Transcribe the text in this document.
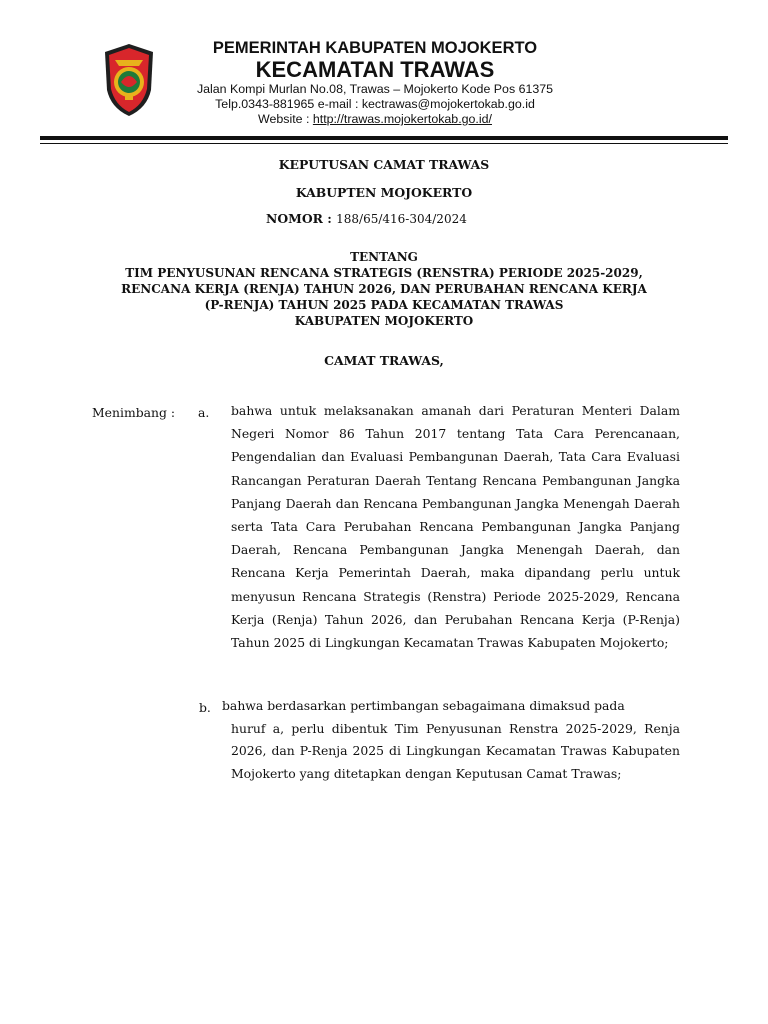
PEMERINTAH KABUPATEN MOJOKERTO
KECAMATAN TRAWAS
Jalan Kompi Murlan No.08, Trawas – Mojokerto Kode Pos 61375
Telp.0343-881965 e-mail : kectrawas@mojokertokab.go.id
Website : http://trawas.mojokertokab.go.id/
KEPUTUSAN CAMAT TRAWAS
KABUPTEN MOJOKERTO
NOMOR : 188/65/416-304/2024
TENTANG
TIM PENYUSUNAN RENCANA STRATEGIS (RENSTRA) PERIODE 2025-2029,
RENCANA KERJA (RENJA) TAHUN 2026, DAN PERUBAHAN RENCANA KERJA
(P-RENJA) TAHUN 2025 PADA KECAMATAN TRAWAS
KABUPATEN MOJOKERTO
CAMAT TRAWAS,
Menimbang : a. bahwa untuk melaksanakan amanah dari Peraturan Menteri Dalam Negeri Nomor 86 Tahun 2017 tentang Tata Cara Perencanaan, Pengendalian dan Evaluasi Pembangunan Daerah, Tata Cara Evaluasi Rancangan Peraturan Daerah Tentang Rencana Pembangunan Jangka Panjang Daerah dan Rencana Pembangunan Jangka Menengah Daerah serta Tata Cara Perubahan Rencana Pembangunan Jangka Panjang Daerah, Rencana Pembangunan Jangka Menengah Daerah, dan Rencana Kerja Pemerintah Daerah, maka dipandang perlu untuk menyusun Rencana Strategis (Renstra) Periode 2025-2029, Rencana Kerja (Renja) Tahun 2026, dan Perubahan Rencana Kerja (P-Renja) Tahun 2025 di Lingkungan Kecamatan Trawas Kabupaten Mojokerto;
b. bahwa berdasarkan pertimbangan sebagaimana dimaksud pada
huruf a, perlu dibentuk Tim Penyusunan Renstra 2025-2029, Renja 2026, dan P-Renja 2025 di Lingkungan Kecamatan Trawas Kabupaten Mojokerto yang ditetapkan dengan Keputusan Camat Trawas;
